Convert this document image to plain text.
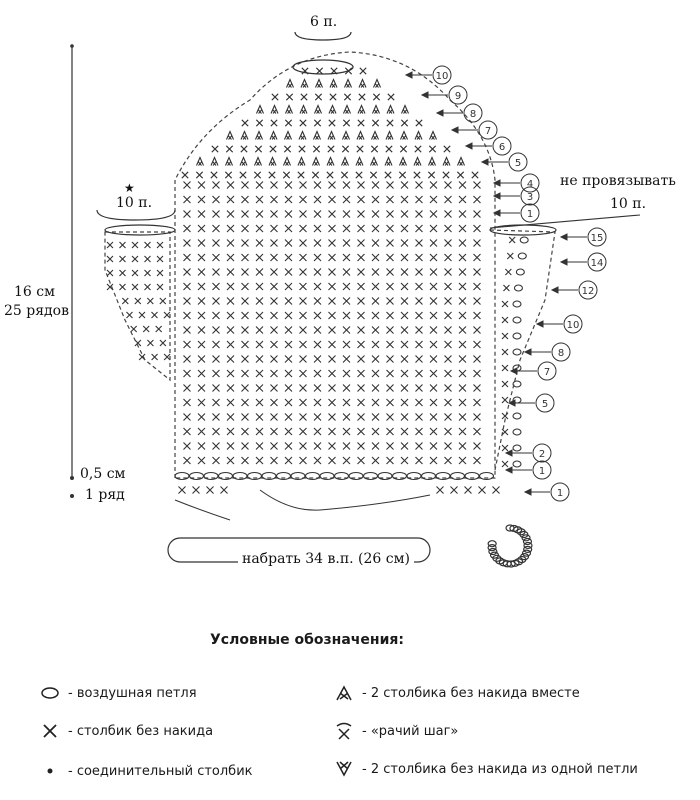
10
9
8
7
6
5
4
3
1
15
14
12
10
8
7
5
2
1
1
6 п.
★
10 п.
не провязывать
10 п.
16 см
25 рядов
0,5 см
1 ряд
набрать 34 в.п. (26 см)
Условные обозначения:
- воздушная петля
- столбик без накида
- соединительный столбик
- 2 столбика без накида вместе
- «рачий шаг»
- 2 столбика без накида из одной петли
